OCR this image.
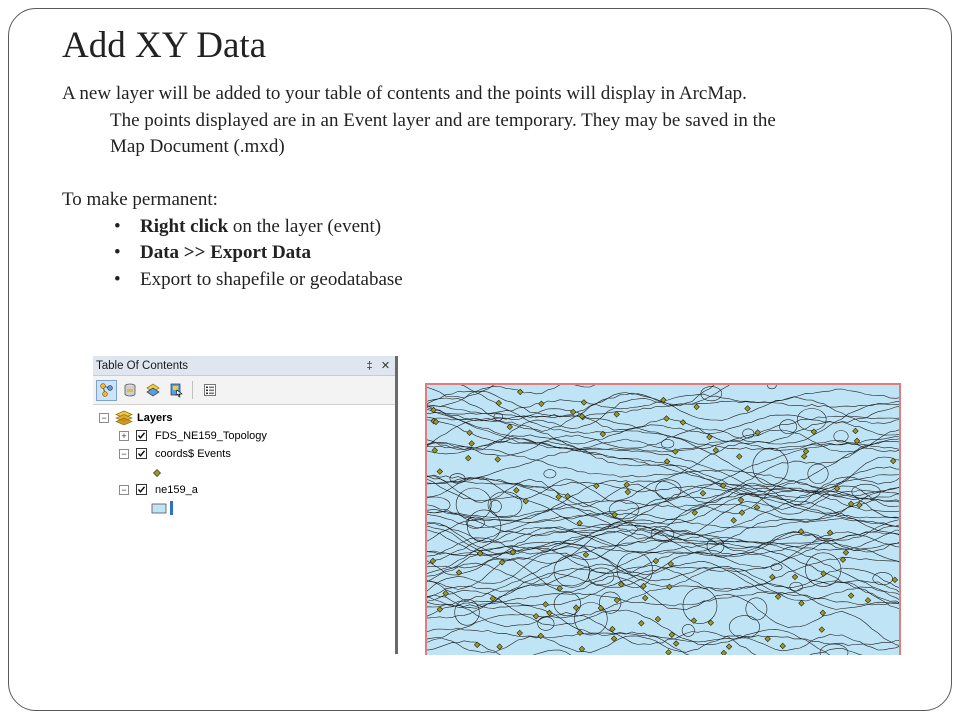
Add XY Data

A new layer will be added to your table of contents and the points will display in ArcMap.

The points displayed are in an Event layer and are temporary. They may be saved in the Map Document (.mxd)

To make permanent:

• Right click on the layer (event)
• Data >> Export Data
• Export to shapefile or geodatabase
Table Of Contents	‡ ✕
−	Layers
+	FDS_NE159_Topology
−	coords$ Events
−	ne159_a
